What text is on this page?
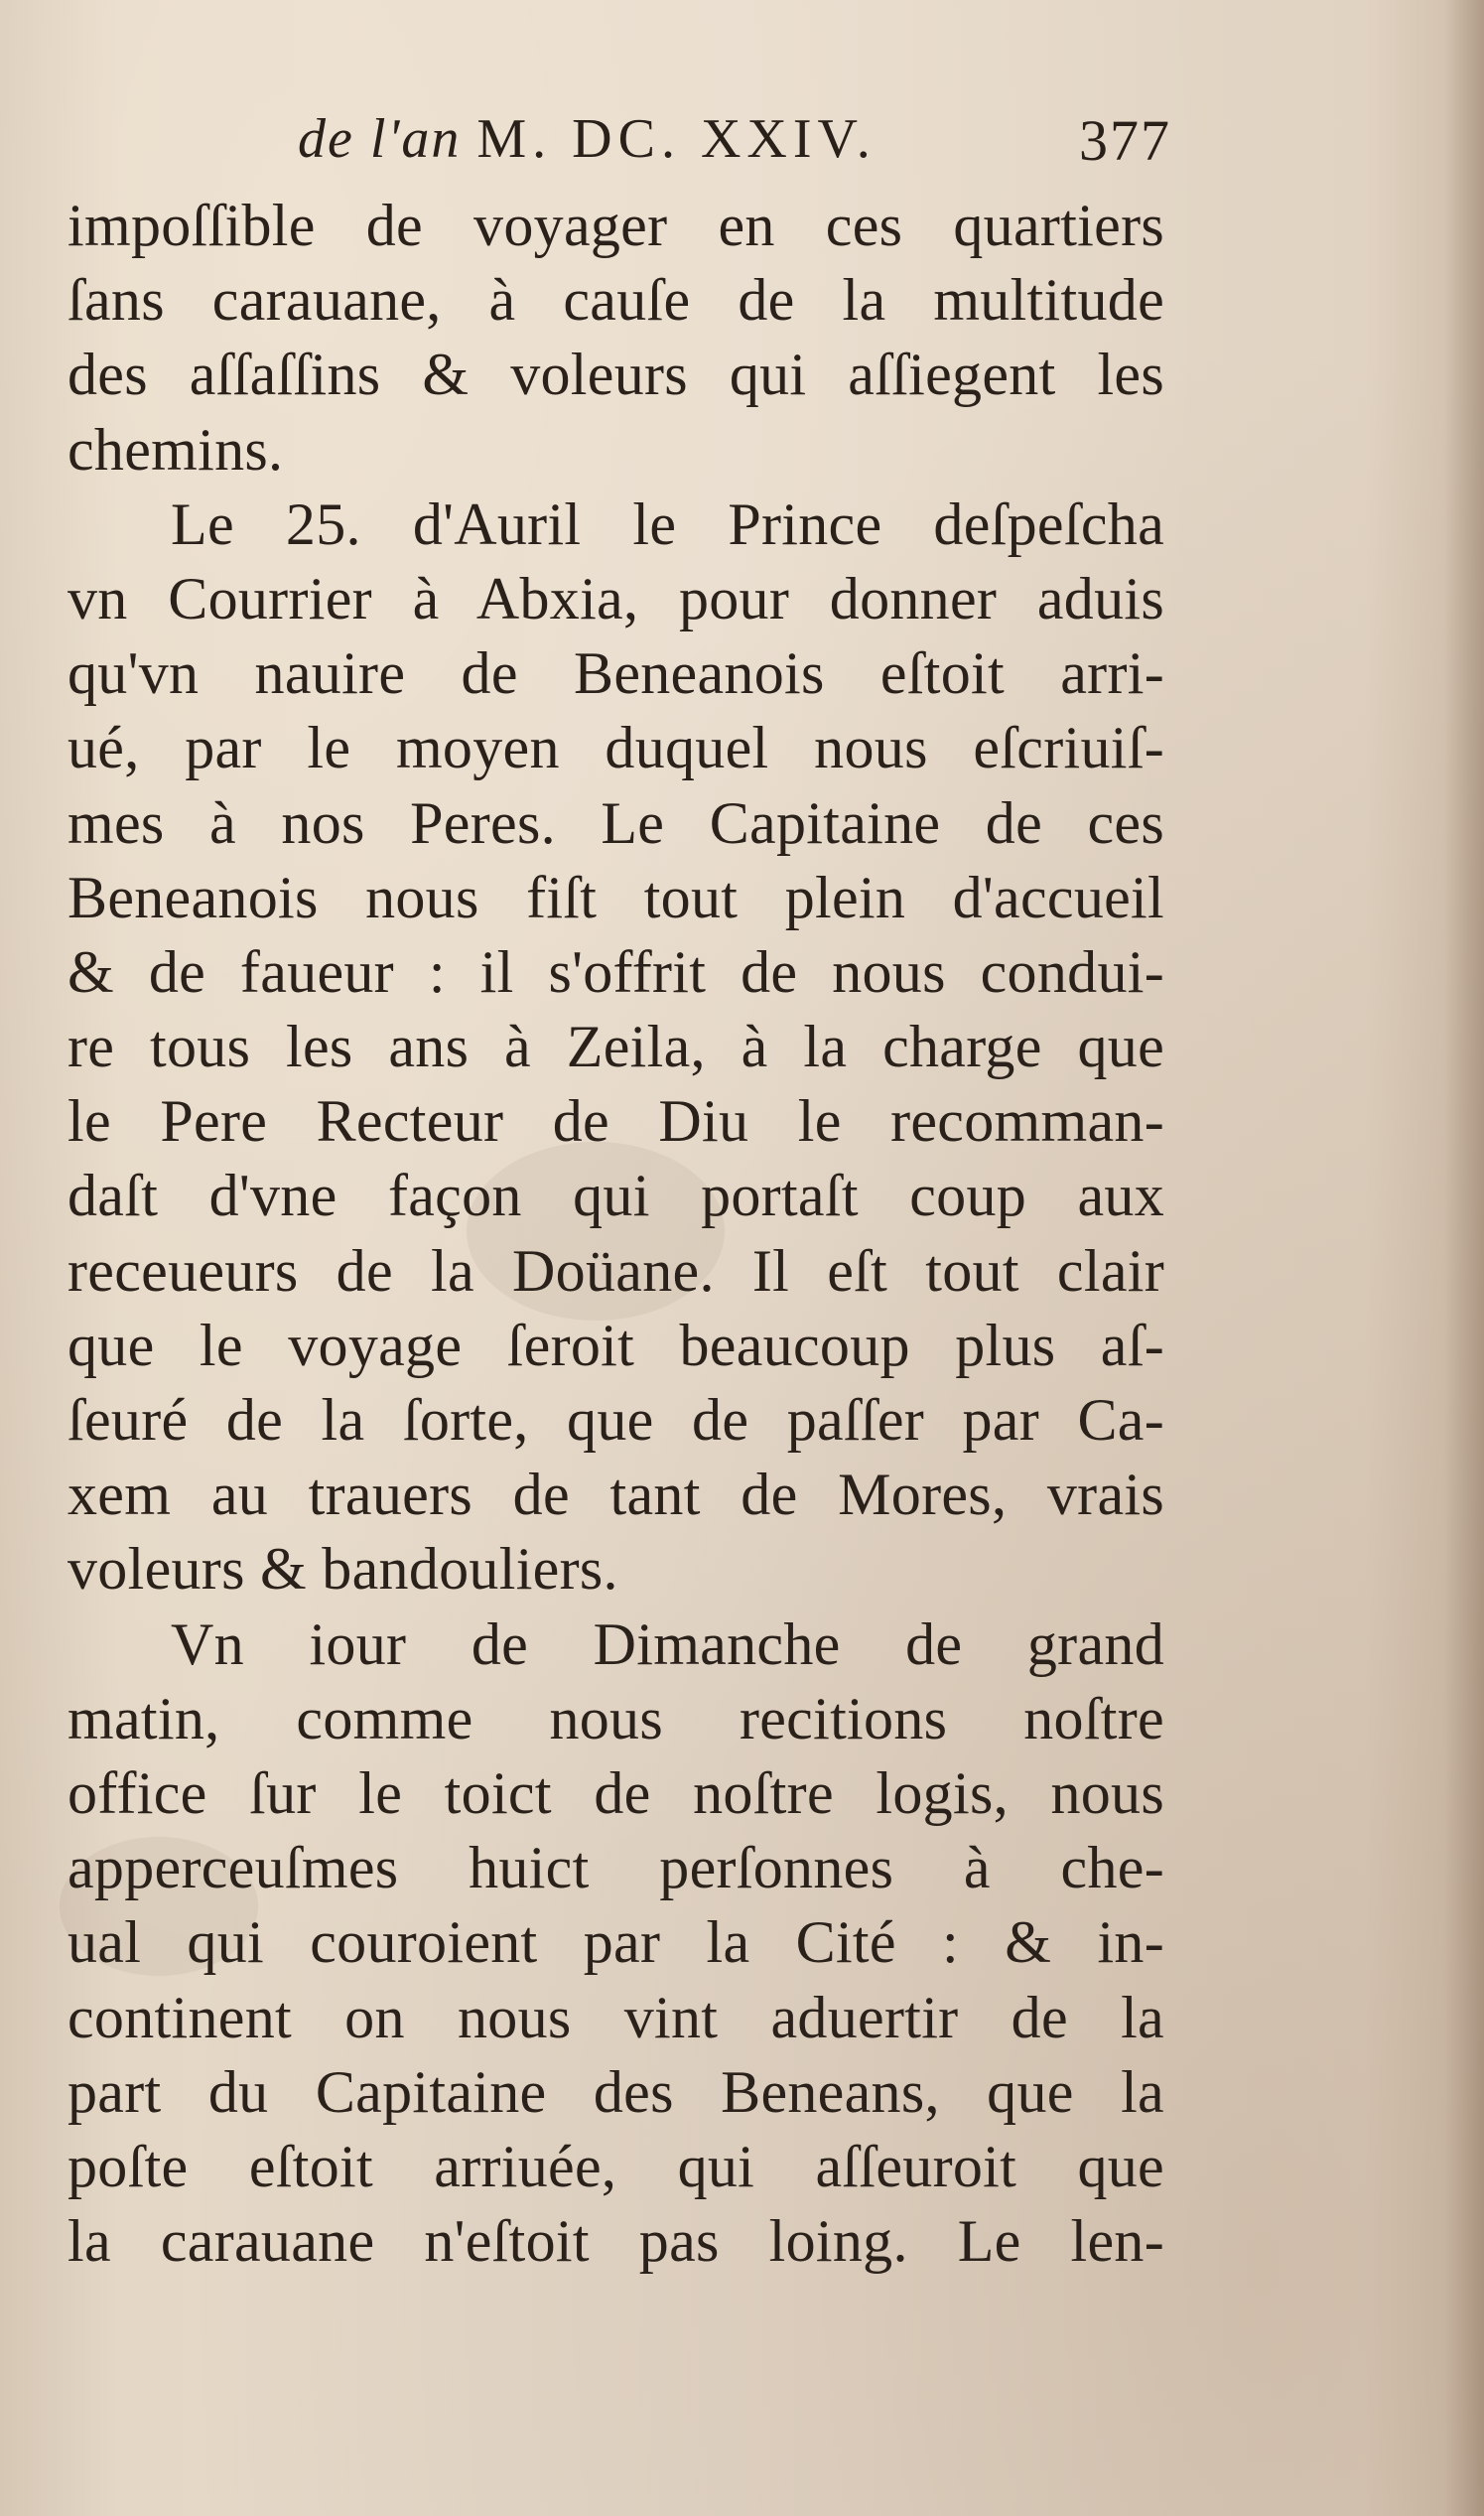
de l'an M. DC. XXIV.	377
impoſſible de voyager en ces quartiers
ſans carauane, à cauſe de la multitude
des aſſaſſins & voleurs qui aſſiegent les
chemins.
Le 25. d'Auril le Prince deſpeſcha
vn Courrier à Abxia, pour donner aduis
qu'vn nauire de Beneanois eſtoit arri-
ué, par le moyen duquel nous eſcriuiſ-
mes à nos Peres. Le Capitaine de ces
Beneanois nous fiſt tout plein d'accueil
& de faueur : il s'offrit de nous condui-
re tous les ans à Zeila, à la charge que
le Pere Recteur de Diu le recomman-
daſt d'vne façon qui portaſt coup aux
receueurs de la Doüane. Il eſt tout clair
que le voyage ſeroit beaucoup plus aſ-
ſeuré de la ſorte, que de paſſer par Ca-
xem au trauers de tant de Mores, vrais
voleurs & bandouliers.
Vn iour de Dimanche de grand
matin, comme nous recitions noſtre
office ſur le toict de noſtre logis, nous
apperceuſmes huict perſonnes à che-
ual qui couroient par la Cité : & in-
continent on nous vint aduertir de la
part du Capitaine des Beneans, que la
poſte eſtoit arriuée, qui aſſeuroit que
la carauane n'eſtoit pas loing. Le len-
